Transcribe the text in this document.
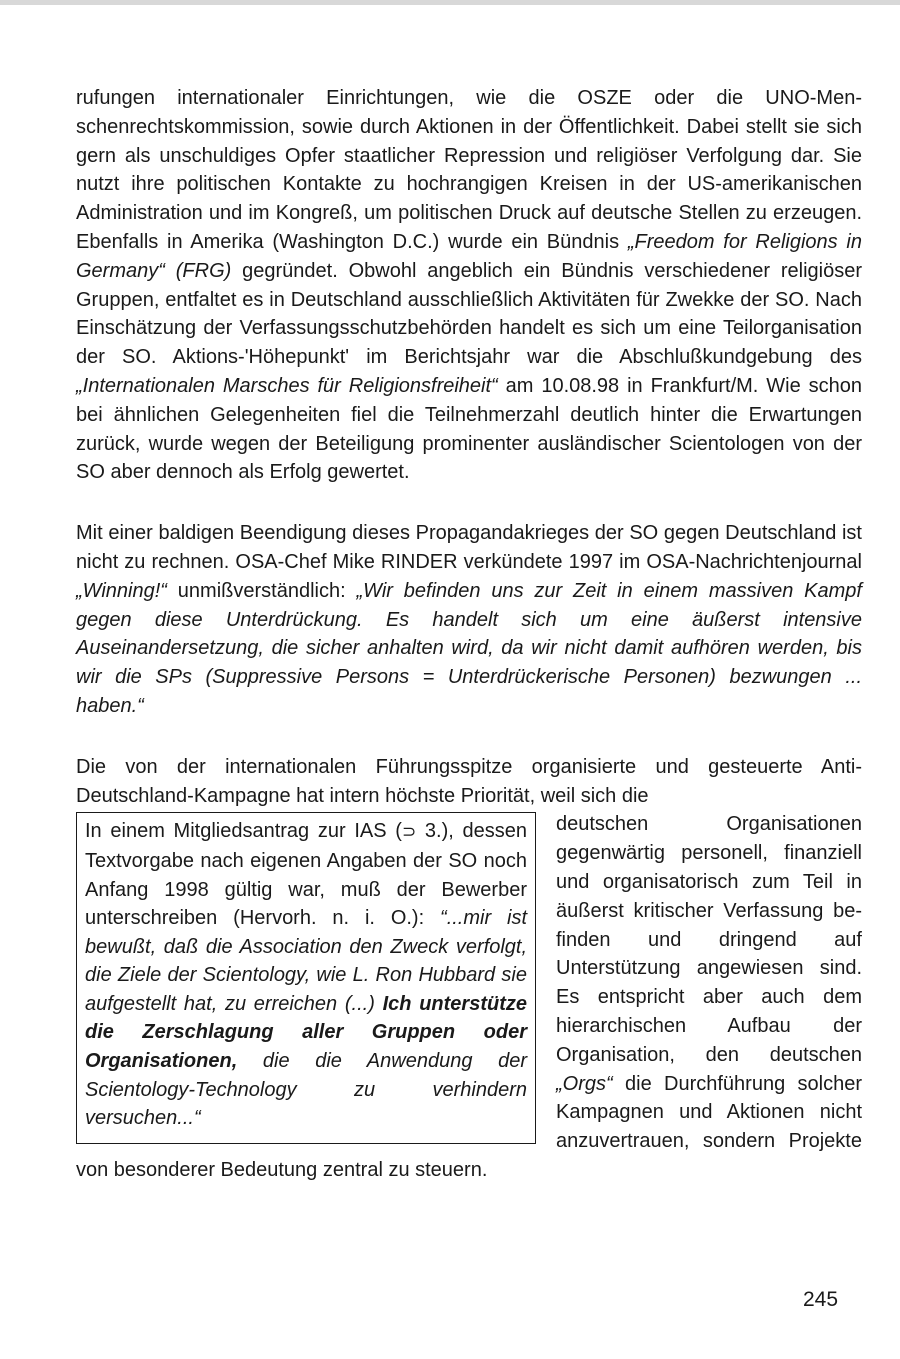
rufungen internationaler Einrichtungen, wie die OSZE oder die UNO-Menschenrechtskommission, sowie durch Aktionen in der Öffentlichkeit. Dabei stellt sie sich gern als unschuldiges Opfer staatlicher Repression und religiöser Verfolgung dar. Sie nutzt ihre politischen Kontakte zu hochrangigen Kreisen in der US-amerikanischen Administration und im Kongreß, um politischen Druck auf deutsche Stellen zu erzeugen. Ebenfalls in Amerika (Washington D.C.) wurde ein Bündnis „Freedom for Religions in Germany“ (FRG) gegründet. Obwohl angeblich ein Bündnis verschiedener religiöser Gruppen, entfaltet es in Deutschland ausschließlich Aktivitäten für Zwekke der SO. Nach Einschätzung der Verfassungsschutzbehörden handelt es sich um eine Teilorganisation der SO. Aktions-'Höhepunkt' im Berichtsjahr war die Abschlußkundgebung des „Internationalen Marsches für Religionsfreiheit“ am 10.08.98 in Frankfurt/M. Wie schon bei ähnlichen Gelegenheiten fiel die Teilnehmerzahl deutlich hinter die Erwartungen zurück, wurde wegen der Beteiligung prominenter ausländischer Scientologen von der SO aber dennoch als Erfolg gewertet.

Mit einer baldigen Beendigung dieses Propagandakrieges der SO gegen Deutschland ist nicht zu rechnen. OSA-Chef Mike RINDER verkündete 1997 im OSA-Nachrichtenjournal „Winning!“ unmißverständlich: „Wir befinden uns zur Zeit in einem massiven Kampf gegen diese Unterdrückung. Es handelt sich um eine äußerst intensive Auseinandersetzung, die sicher anhalten wird, da wir nicht damit aufhören werden, bis wir die SPs (Suppressive Persons = Unterdrückerische Personen) bezwungen ... haben.“

Die von der internationalen Führungsspitze organisierte und gesteuerte Anti-Deutschland-Kampagne hat intern höchste Priorität, weil sich die

In einem Mitgliedsantrag zur IAS (⊃ 3.), dessen Textvorgabe nach eigenen Angaben der SO noch Anfang 1998 gültig war, muß der Bewerber unterschreiben (Hervorh. n. i. O.): “...mir ist bewußt, daß die Association den Zweck verfolgt, die Ziele der Scientology, wie L. Ron Hubbard sie aufgestellt hat, zu erreichen (...) Ich unterstütze die Zerschlagung aller Gruppen oder Organisationen, die die Anwendung der Scientology-Technology zu verhindern versuchen...“

deutschen Organisationen gegenwärtig personell, finanziell und organisatorisch zum Teil in äußerst kritischer Verfassung befinden und dringend auf Unterstützung angewiesen sind. Es entspricht aber auch dem hierarchischen Aufbau der Organisation, den deutschen „Orgs“ die Durchführung solcher Kampagnen und Aktionen nicht anzuvertrauen, sondern Projekte von besonderer Bedeutung zentral zu steuern.

245
